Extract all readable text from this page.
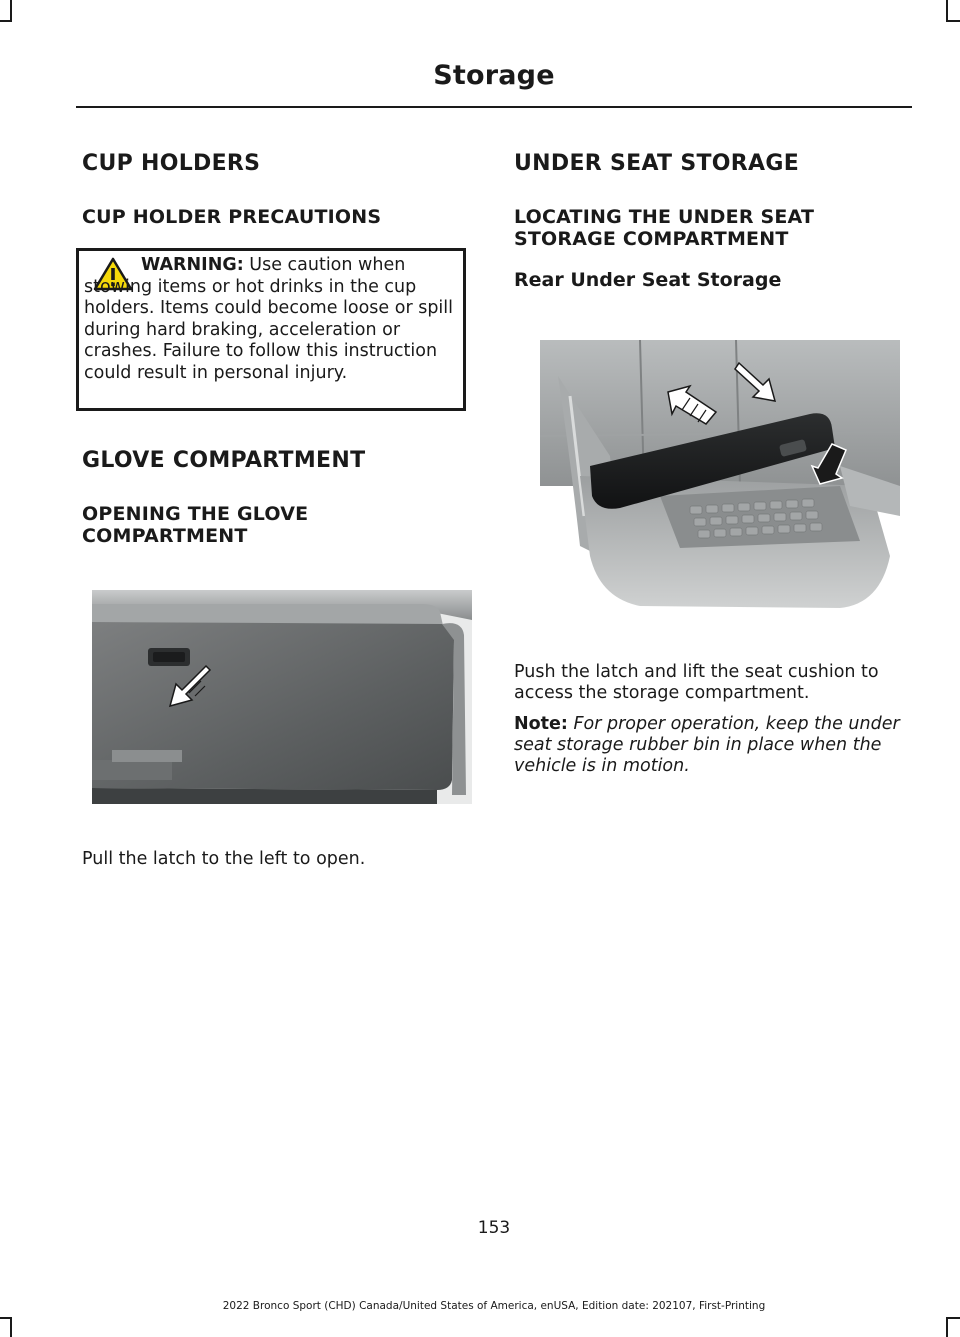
Storage
CUP HOLDERS
CUP HOLDER PRECAUTIONS
WARNING: Use caution when stowing items or hot drinks in the cup holders. Items could become loose or spill during hard braking, acceleration or crashes. Failure to follow this instruction could result in personal injury.
GLOVE COMPARTMENT
OPENING THE GLOVE COMPARTMENT

Pull the latch to the left to open.

UNDER SEAT STORAGE
LOCATING THE UNDER SEAT STORAGE COMPARTMENT
Rear Under Seat Storage

Push the latch and lift the seat cushion to access the storage compartment.

Note: For proper operation, keep the under seat storage rubber bin in place when the vehicle is in motion.

153
2022 Bronco Sport (CHD) Canada/United States of America, enUSA, Edition date: 202107, First-Printing
